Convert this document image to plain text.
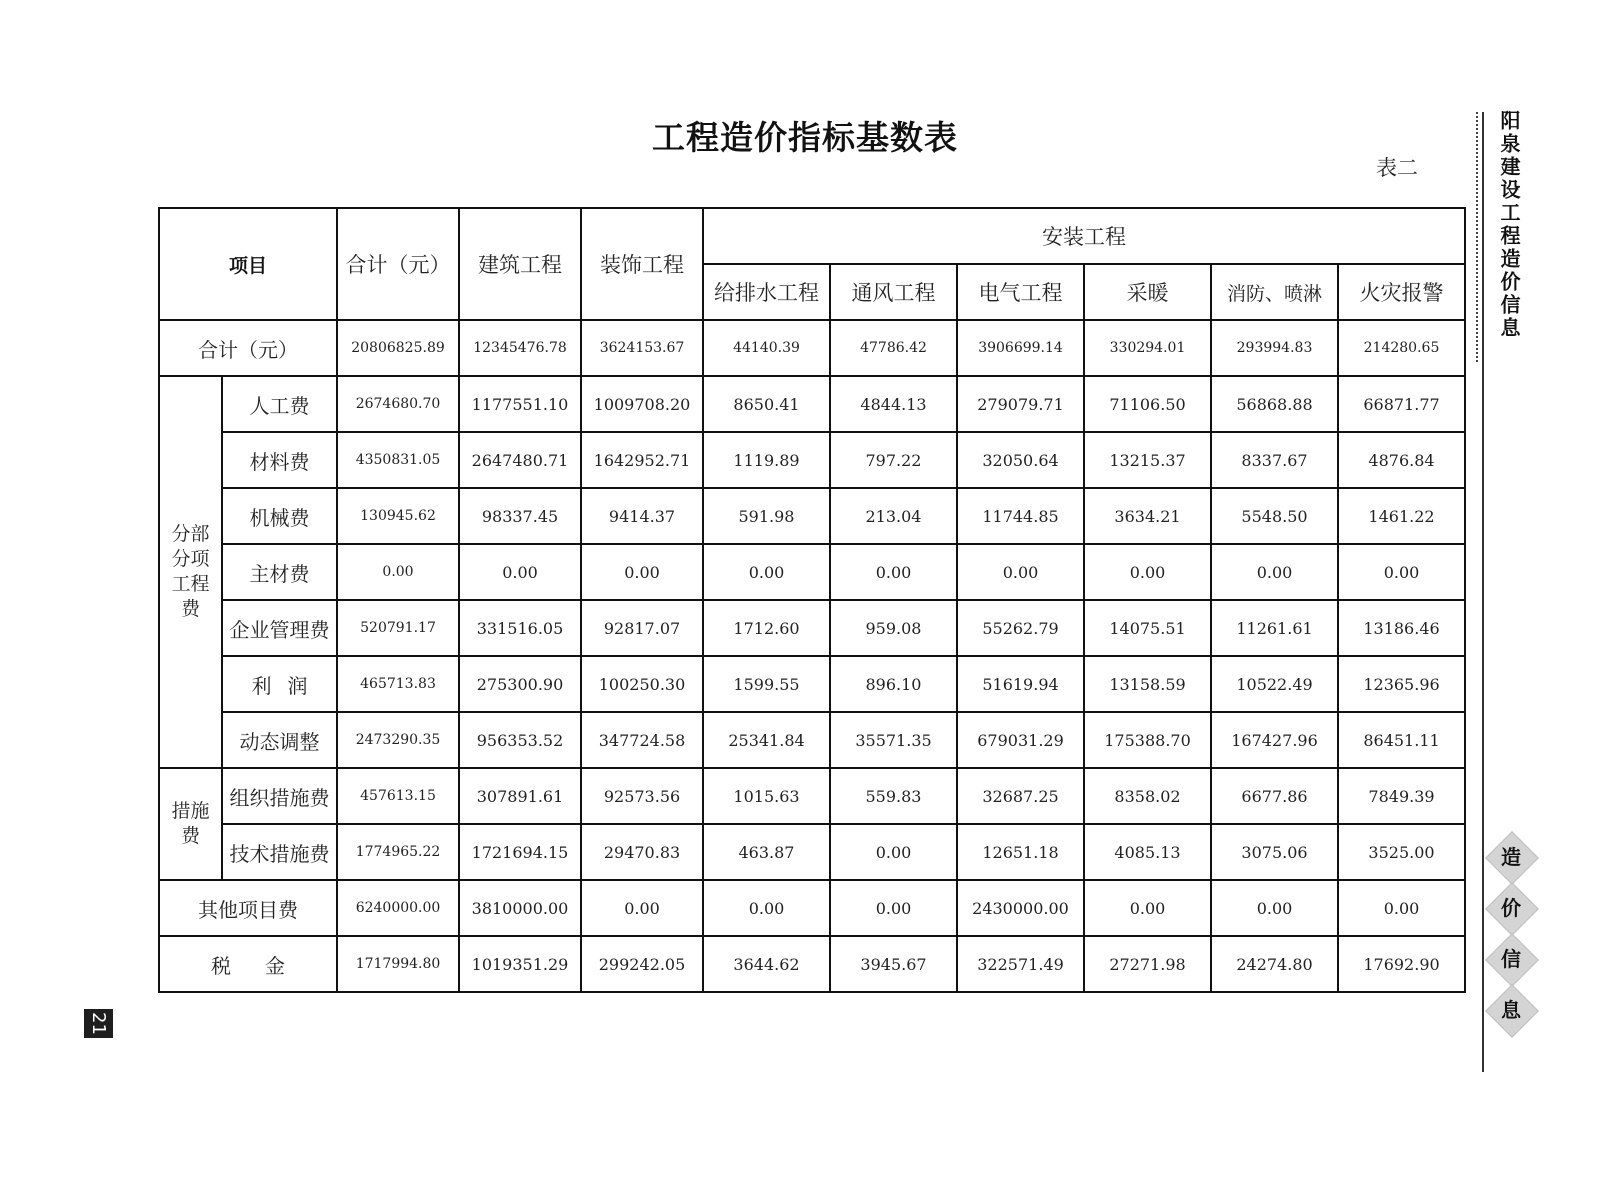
工程造价指标基数表
表二
项目		合计（元）	建筑工程	装饰工程	安装工程					
					给排水工程	通风工程	电气工程	采暖	消防、喷淋	火灾报警
合计（元）		20806825.89	12345476.78	3624153.67	44140.39	47786.42	3906699.14	330294.01	293994.83	214280.65
分部分项工程费	人工费	2674680.70	1177551.10	1009708.20	8650.41	4844.13	279079.71	71106.50	56868.88	66871.77
	材料费	4350831.05	2647480.71	1642952.71	1119.89	797.22	32050.64	13215.37	8337.67	4876.84
	机械费	130945.62	98337.45	9414.37	591.98	213.04	11744.85	3634.21	5548.50	1461.22
	主材费	0.00	0.00	0.00	0.00	0.00	0.00	0.00	0.00	0.00
	企业管理费	520791.17	331516.05	92817.07	1712.60	959.08	55262.79	14075.51	11261.61	13186.46
	利润	465713.83	275300.90	100250.30	1599.55	896.10	51619.94	13158.59	10522.49	12365.96
	动态调整	2473290.35	956353.52	347724.58	25341.84	35571.35	679031.29	175388.70	167427.96	86451.11
措施费	组织措施费	457613.15	307891.61	92573.56	1015.63	559.83	32687.25	8358.02	6677.86	7849.39
	技术措施费	1774965.22	1721694.15	29470.83	463.87	0.00	12651.18	4085.13	3075.06	3525.00
其他项目费		6240000.00	3810000.00	0.00	0.00	0.00	2430000.00	0.00	0.00	0.00
税金		1717994.80	1019351.29	299242.05	3644.62	3945.67	322571.49	27271.98	24274.80	17692.90
阳泉建设工程造价信息
造
价
信
息
21
